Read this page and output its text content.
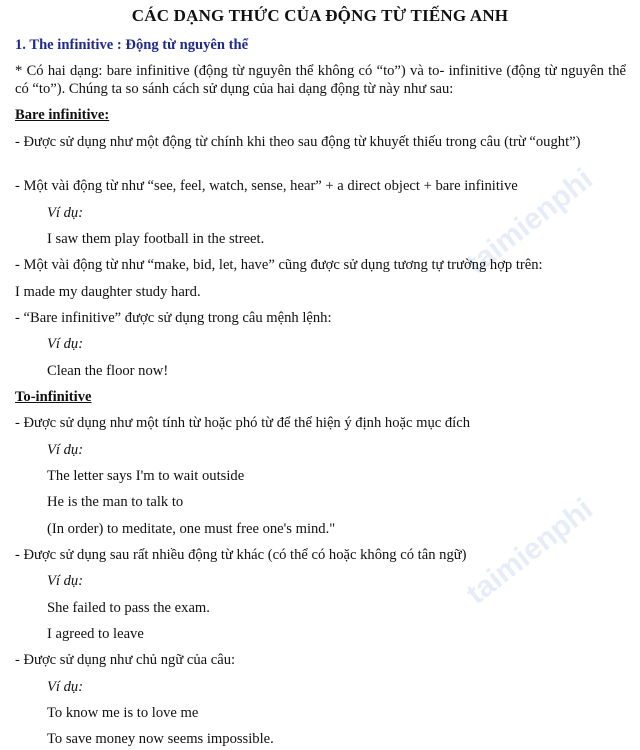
taimienphi
taimienphi
CÁC DẠNG THỨC CỦA ĐỘNG TỪ TIẾNG ANH
1. The infinitive : Động từ nguyên thể
* Có hai dạng: bare infinitive (động từ nguyên thể không có “to”) và to- infinitive (động từ nguyên thể có “to”). Chúng ta so sánh cách sử dụng của hai dạng động từ này như sau:
Bare infinitive:
- Được sử dụng như một động từ chính khi theo sau động từ khuyết thiếu trong câu (trừ “ought”)
- Một vài động từ như “see, feel, watch, sense, hear” + a direct object + bare infinitive
Ví dụ:
I saw them play football in the street.
- Một vài động từ như “make, bid, let, have” cũng được sử dụng tương tự trường hợp trên:
I made my daughter study hard.
- “Bare infinitive” được sử dụng trong câu mệnh lệnh:
Ví dụ:
Clean the floor now!
To-infinitive
- Được sử dụng như một tính từ hoặc phó từ để thể hiện ý định hoặc mục đích
Ví dụ:
The letter says I'm to wait outside
He is the man to talk to
(In order) to meditate, one must free one's mind."
- Được sử dụng sau rất nhiều động từ khác (có thể có hoặc không có tân ngữ)
Ví dụ:
She failed to pass the exam.
I agreed to leave
- Được sử dụng như chủ ngữ của câu:
Ví dụ:
To know me is to love me
To save money now seems impossible.
